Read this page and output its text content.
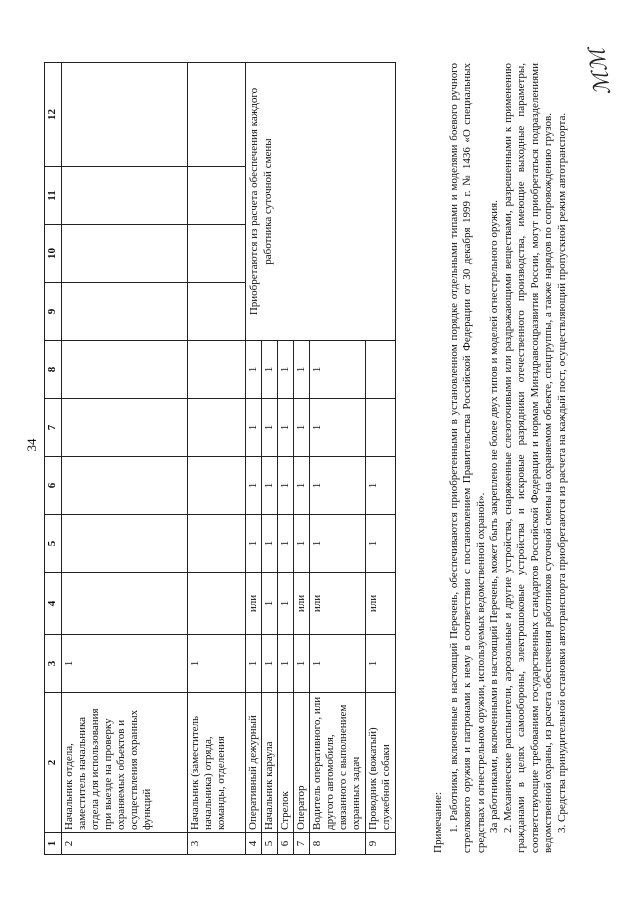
34
ℳℳ
1	2	3	4	5	6	7	8	9	10	11	12
2	Начальник отдела, заместитель начальника отдела для использования при выезде на проверку охраняемых объектов и осуществления охранных функций	1									
3	Начальник (заместитель начальника) отряда, команды, отделения	1									
4	Оперативный дежурный	1	или	1	1	1	1	Приобретаются из расчета обеспечения каждого работника суточной смены			
5	Начальник караула	1	1	1	1	1	1				
6	Стрелок	1	1	1	1	1	1				
7	Оператор	1	или	1	1	1	1				
8	Водитель оперативного, или другого автомобиля, связанного с выполнением охранных задач	1	или	1	1	1	1				
9	Проводник (вожатый) служебной собаки	1	или	1	1						

Примечание: 1. Работники, включенные в настоящий Перечень, обеспечиваются приобретенными в установленном порядке отдельными типами и моделями боевого ручного стрелкового оружия и патронами к нему в соответствии с постановлением Правительства Российской Федерации от 30 декабря 1999 г. № 1436 «О специальных средствах и огнестрельном оружии, используемых ведомственной охраной». За работниками, включенными в настоящий Перечень, может быть закреплено не более двух типов и моделей огнестрельного оружия. 2. Механические распылители, аэрозольные и другие устройства, снаряженные слезоточивыми или раздражающими веществами, разрешенными к применению гражданами в целях самообороны, электрошоковые устройства и искровые разрядники отечественного производства, имеющие выходные параметры, соответствующие требованиям государственных стандартов Российской Федерации и нормам Минздравсоцразвития России, могут приобретаться подразделениями ведомственной охраны, из расчета обеспечения работников суточной смены на охраняемом объекте, спецгруппы, а также нарядов по сопровождению грузов. 3. Средства принудительной остановки автотранспорта приобретаются из расчета на каждый пост, осуществляющий пропускной режим автотранспорта.
